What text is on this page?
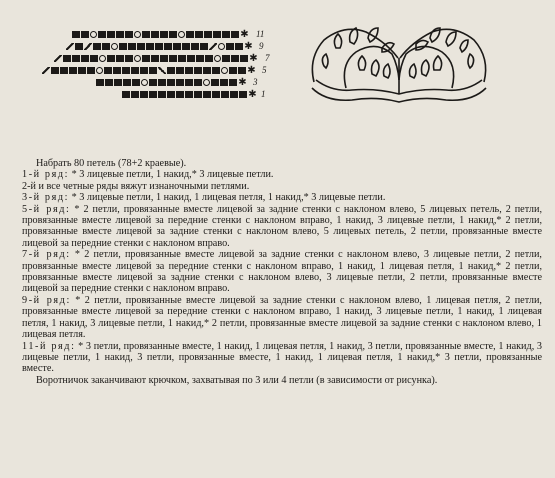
✱ 11
✱ 9
✱ 7
✱ 5
✱ 3
✱ 1

Набрать 80 петель (78+2 краевые).

1-й ряд: * 3 лицевые петли, 1 накид,* 3 лицевые петли.

2-й и все четные ряды вяжут изнаночными петлями.

3-й ряд: * 3 лицевые петли, 1 накид, 1 лицевая петля, 1 накид,* 3 лицевые петли.

5-й ряд: * 2 петли, провязанные вместе лицевой за задние стенки с наклоном влево, 5 лицевых петель, 2 петли, провязанные вместе лицевой за передние стенки с наклоном вправо, 1 накид, 3 лицевые петли, 1 накид,* 2 петли, провязанные вместе лицевой за задние стенки с наклоном влево, 5 лицевых петель, 2 петли, провязанные вместе лицевой за передние стенки с наклоном вправо.

7-й ряд: * 2 петли, провязанные вместе лицевой за задние стенки с наклоном влево, 3 лицевые петли, 2 петли, провязанные вместе лицевой за передние стенки с наклоном вправо, 1 накид, 1 лицевая петля, 1 накид,* 2 петли, провязанные вместе лицевой за задние стенки с наклоном влево, 3 лицевые петли, 2 петли, провязанные вместе лицевой за передние стенки с наклоном вправо.

9-й ряд: * 2 петли, провязанные вместе лицевой за задние стенки с наклоном влево, 1 лицевая петля, 2 петли, провязанные вместе лицевой за передние стенки с наклоном вправо, 1 накид, 3 лицевые петли, 1 накид, 1 лицевая петля, 1 накид, 3 лицевые петли, 1 накид,* 2 петли, провязанные вместе лицевой за задние стенки с наклоном влево, 1 лицевая петля.

11-й ряд: * 3 петли, провязанные вместе, 1 накид, 1 лицевая петля, 1 накид, 3 петли, провязанные вместе, 1 накид, 3 лицевые петли, 1 накид, 3 петли, провязанные вместе, 1 накид, 1 лицевая петля, 1 накид,* 3 петли, провязанные вместе.

Воротничок заканчивают крючком, захватывая по 3 или 4 петли (в зависимости от рисунка).
